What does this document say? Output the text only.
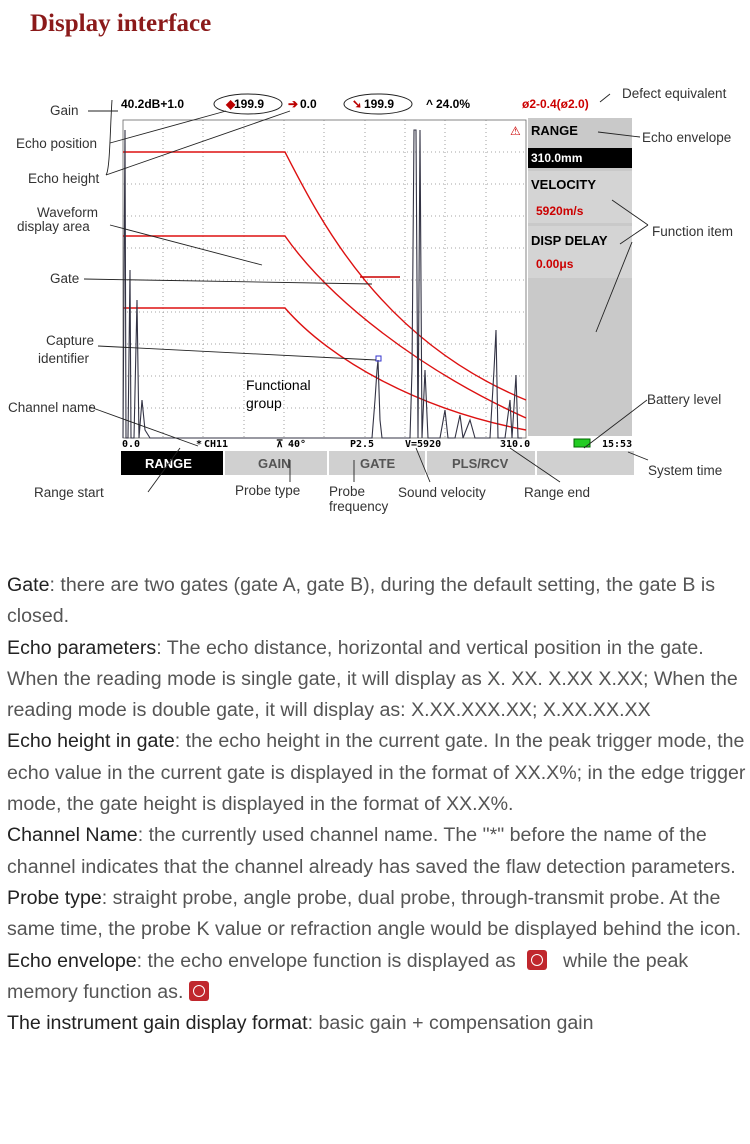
Display interface
40.2dB+1.0	◆
199.9 ➔ 0.0	➘ 199.9	^ 24.0%	ø2-0.4(ø2.0)
⚠ RANGE
310.0mm
VELOCITY
5920m/s
DISP DELAY
0.00μs
0.0	* CH11	⊼ 40°	P2.5	V=5920	310.0	15:53
RANGE	GAIN	GATE	PLS/RCV
Functional
group
Gain
Echo position
Echo height
Waveform
display area
Gate
Capture
identifier
Channel name
Defect equivalent
Echo envelope
Function item
Battery level
System time
Range start	Probe type Probe
frequency
Sound velocity	Range end

Gate: there are two gates (gate A, gate B), during the default setting, the gate B is closed.

Echo parameters: The echo distance, horizontal and vertical position in the gate. When the reading mode is single gate, it will display as X. XX. X.XX X.XX; When the reading mode is double gate, it will display as: X.XX.XXX.XX; X.XX.XX.XX

Echo height in gate: the echo height in the current gate. In the peak trigger mode, the echo value in the current gate is displayed in the format of XX.X%; in the edge trigger mode, the gate height is displayed in the format of XX.X%.

Channel Name: the currently used channel name. The "*" before the name of the channel indicates that the channel already has saved the flaw detection parameters.

Probe type: straight probe, angle probe, dual probe, through-transmit probe. At the same time, the probe K value or refraction angle would be displayed behind the icon.

Echo envelope: the echo envelope function is displayed as while the peak memory function as.

The instrument gain display format: basic gain + compensation gain
